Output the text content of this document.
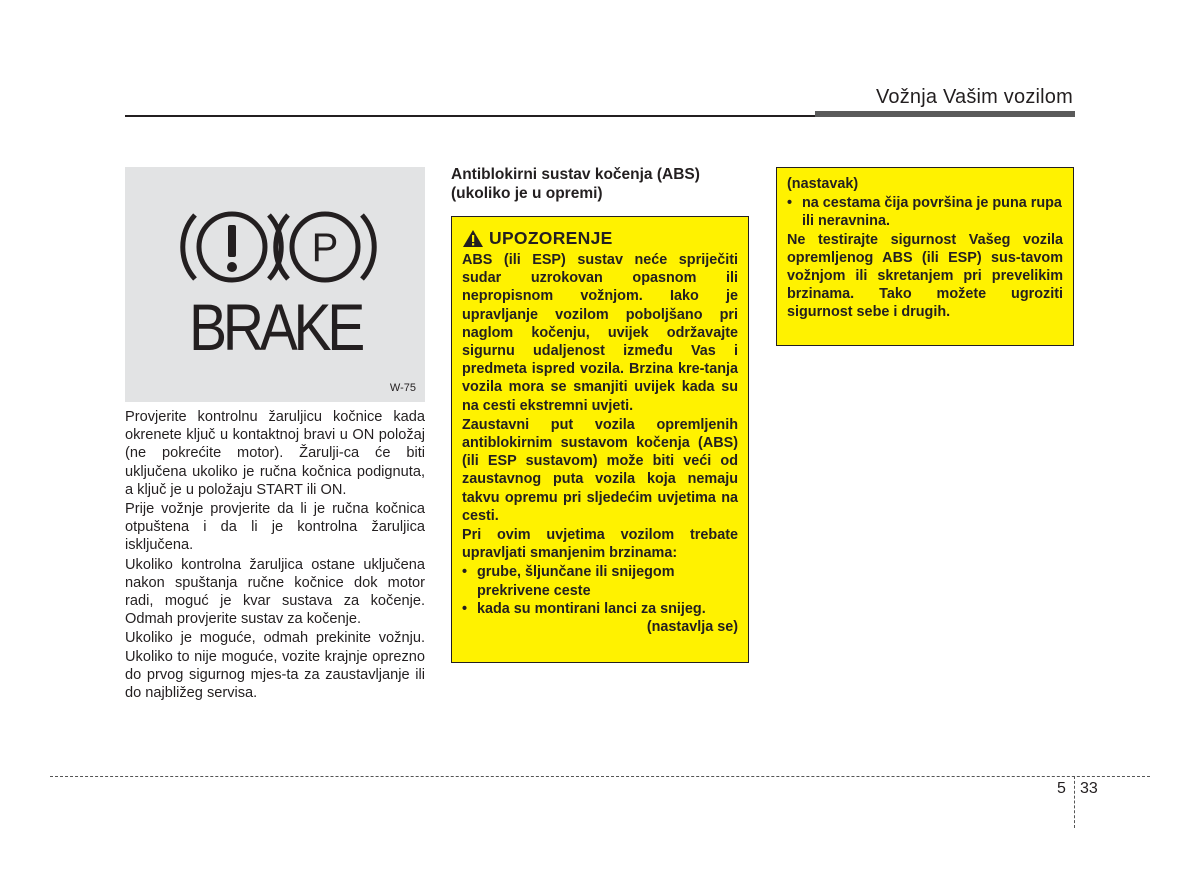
Vožnja Vašim vozilom
P
BRAKE
W-75

Provjerite kontrolnu žaruljicu kočnice kada okrenete ključ u kontaktnoj bravi u ON položaj (ne pokrećite motor). Žarulji-ca će biti uključena ukoliko je ručna kočnica podignuta, a ključ je u položaju START ili ON.

Prije vožnje provjerite da li je ručna kočnica otpuštena i da li je kontrolna žaruljica isključena.

Ukoliko kontrolna žaruljica ostane uključena nakon spuštanja ručne kočnice dok motor radi, moguć je kvar sustava za kočenje. Odmah provjerite sustav za kočenje.

Ukoliko je moguće, odmah prekinite vožnju. Ukoliko to nije moguće, vozite krajnje oprezno do prvog sigurnog mjes-ta za zaustavljanje ili do najbližeg servisa.

Antiblokirni sustav kočenja (ABS)
(ukoliko je u opremi)
UPOZORENJE

ABS (ili ESP) sustav neće spriječiti sudar uzrokovan opasnom ili nepropisnom vožnjom. Iako je upravljanje vozilom poboljšano pri naglom kočenju, uvijek održavajte sigurnu udaljenost između Vas i predmeta ispred vozila. Brzina kre-tanja vozila mora se smanjiti uvijek kada su na cesti ekstremni uvjeti.

Zaustavni put vozila opremljenih antiblokirnim sustavom kočenja (ABS) (ili ESP sustavom) može biti veći od zaustavnog puta vozila koja nemaju takvu opremu pri sljedećim uvjetima na cesti.

Pri ovim uvjetima vozilom trebate upravljati smanjenim brzinama:

• grube, šljunčane ili snijegom prekrivene ceste
• kada su montirani lanci za snijeg.
(nastavlja se)

(nastavak)

• na cestama čija površina je puna rupa ili neravnina.

Ne testirajte sigurnost Vašeg vozila opremljenog ABS (ili ESP) sus-tavom vožnjom ili skretanjem pri prevelikim brzinama. Tako možete ugroziti sigurnost sebe i drugih.

5 33
